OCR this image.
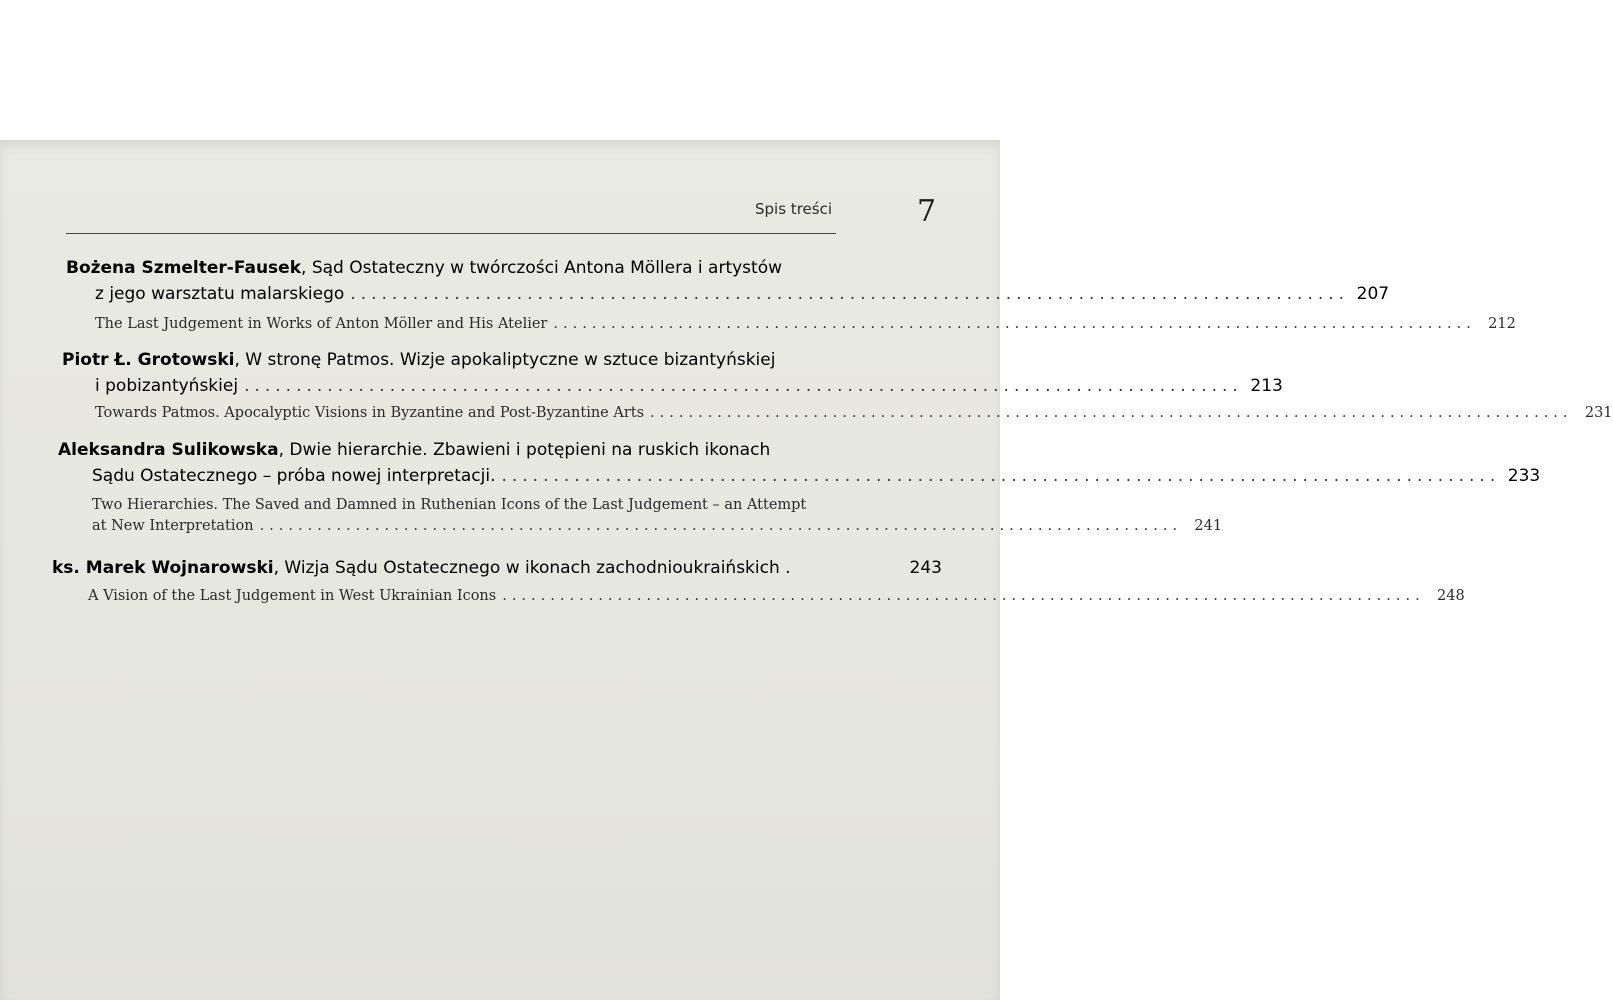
Spis treści	7
Bożena Szmelter-Fausek, Sąd Ostateczny w twórczości Antona Möllera i artystów
z jego warsztatu malarskiego ................................................................................................ 207
The Last Judgement in Works of Anton Möller and His Atelier ................................................................................................ 212
Piotr Ł. Grotowski, W stronę Patmos. Wizje apokaliptyczne w sztuce bizantyńskiej
i pobizantyńskiej ................................................................................................ 213
Towards Patmos. Apocalyptic Visions in Byzantine and Post-Byzantine Arts ................................................................................................ 231
Aleksandra Sulikowska, Dwie hierarchie. Zbawieni i potępieni na ruskich ikonach
Sądu Ostatecznego – próba nowej interpretacji. ................................................................................................ 233
Two Hierarchies. The Saved and Damned in Ruthenian Icons of the Last Judgement – an Attempt
at New Interpretation ................................................................................................ 241
ks. Marek Wojnarowski, Wizja Sądu Ostatecznego w ikonach zachodnioukraińskich .	243
A Vision of the Last Judgement in West Ukrainian Icons ................................................................................................ 248
